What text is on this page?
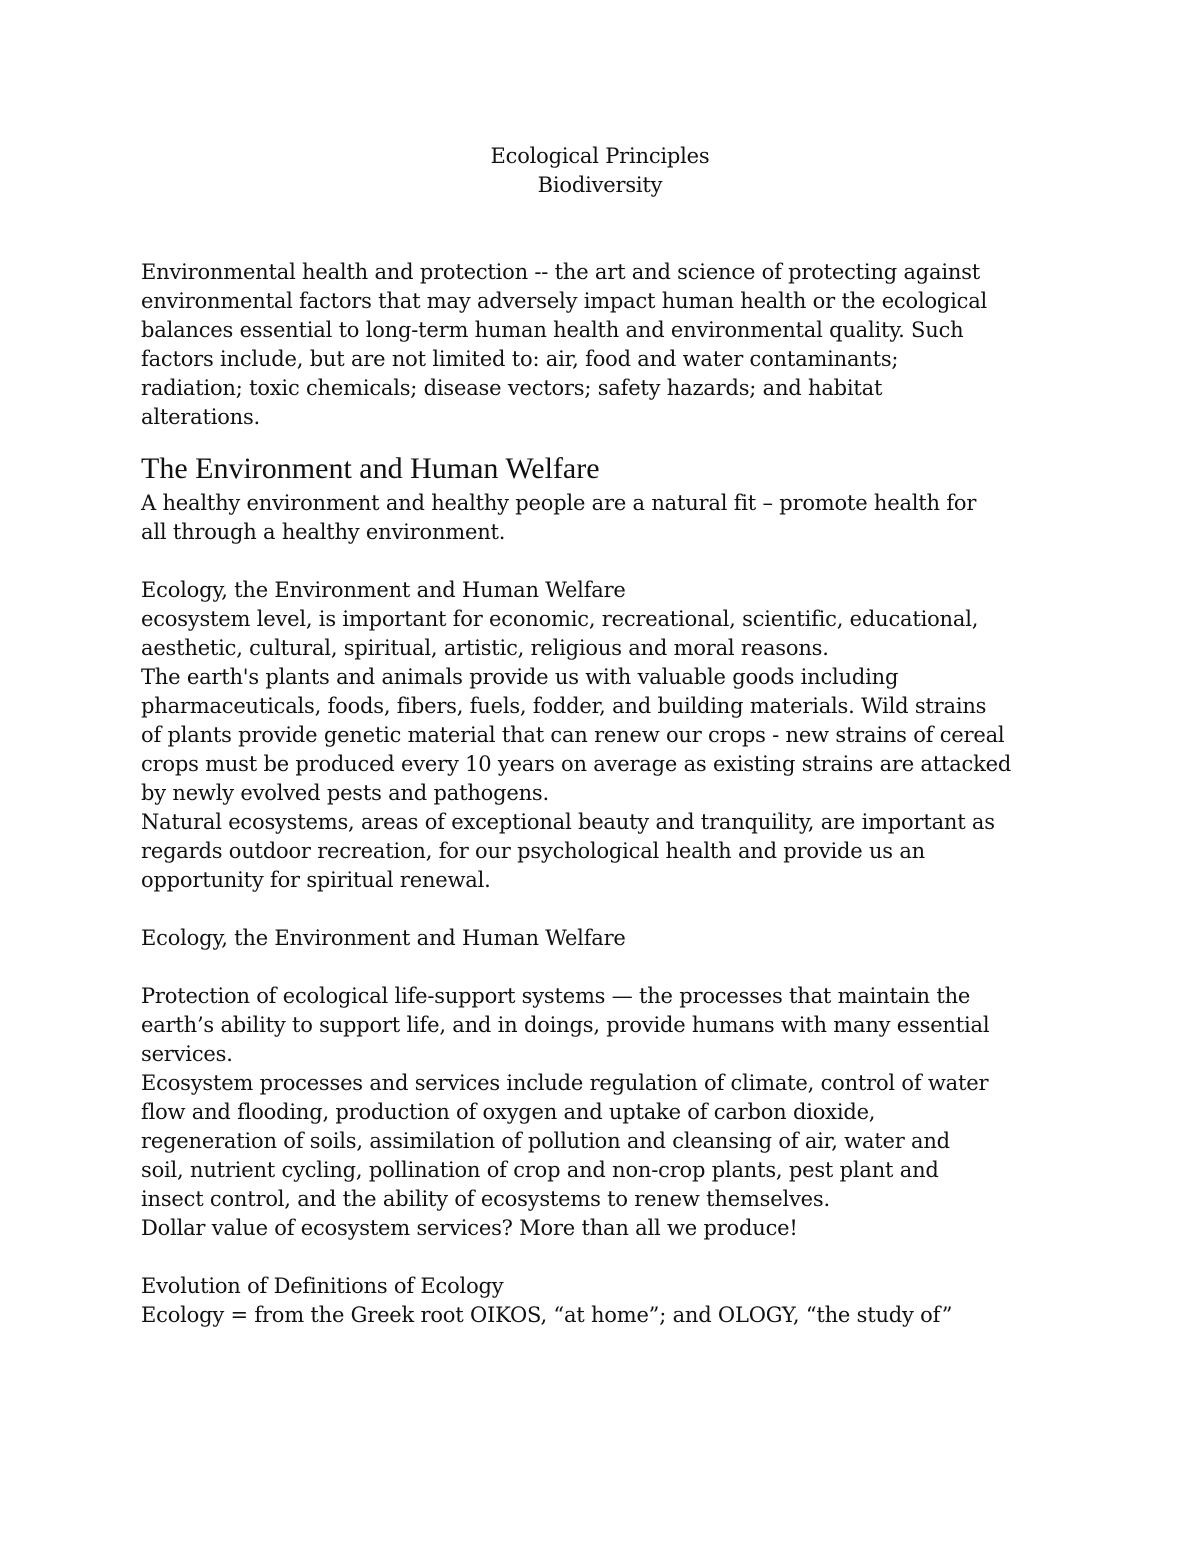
Ecological Principles
Biodiversity
Environmental health and protection -- the art and science of protecting against
environmental factors that may adversely impact human health or the ecological
balances essential to long-term human health and environmental quality. Such
factors include, but are not limited to: air, food and water contaminants;
radiation; toxic chemicals; disease vectors; safety hazards; and habitat
alterations.
The Environment and Human Welfare
A healthy environment and healthy people are a natural fit – promote health for
all through a healthy environment.
Ecology, the Environment and Human Welfare
ecosystem level, is important for economic, recreational, scientific, educational,
aesthetic, cultural, spiritual, artistic, religious and moral reasons.
The earth's plants and animals provide us with valuable goods including
pharmaceuticals, foods, fibers, fuels, fodder, and building materials. Wild strains
of plants provide genetic material that can renew our crops - new strains of cereal
crops must be produced every 10 years on average as existing strains are attacked
by newly evolved pests and pathogens.
Natural ecosystems, areas of exceptional beauty and tranquility, are important as
regards outdoor recreation, for our psychological health and provide us an
opportunity for spiritual renewal.
Ecology, the Environment and Human Welfare
Protection of ecological life-support systems — the processes that maintain the
earth’s ability to support life, and in doings, provide humans with many essential
services.
Ecosystem processes and services include regulation of climate, control of water
flow and flooding, production of oxygen and uptake of carbon dioxide,
regeneration of soils, assimilation of pollution and cleansing of air, water and
soil, nutrient cycling, pollination of crop and non-crop plants, pest plant and
insect control, and the ability of ecosystems to renew themselves.
Dollar value of ecosystem services? More than all we produce!
Evolution of Definitions of Ecology
Ecology = from the Greek root OIKOS, “at home”; and OLOGY, “the study of”
